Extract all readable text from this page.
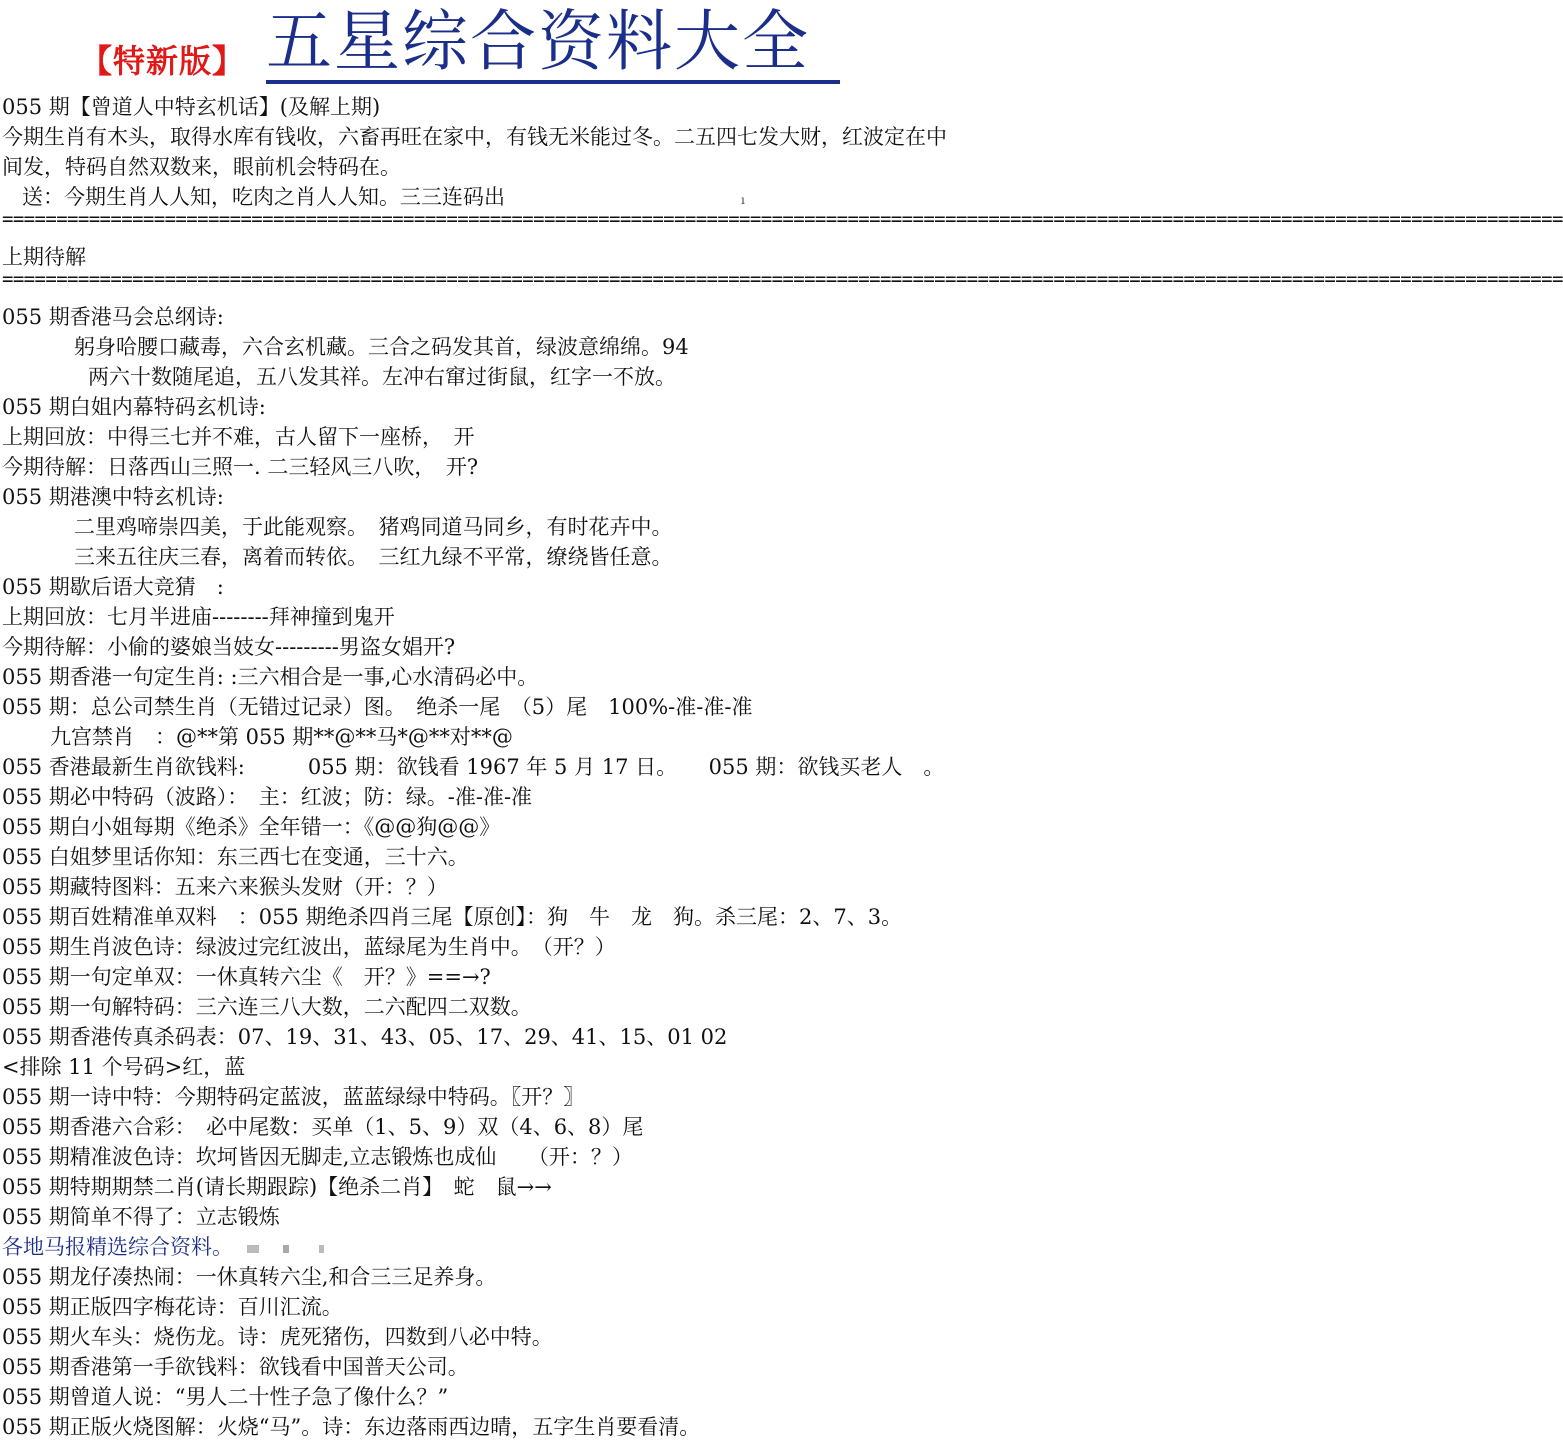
【特新版】 五星综合资料大全
055 期【曾道人中特玄机话】(及解上期)
今期生肖有木头，取得水库有钱收，六畜再旺在家中，有钱无米能过冬。二五四七发大财，红波定在中间发，特码自然双数来，眼前机会特码在。
送：今期生肖人人知，吃肉之肖人人知。三三连码出	ı
================================================================================================================================================
上期待解
================================================================================================================================================
055 期香港马会总纲诗:
躬身哈腰口藏毒，六合玄机藏。三合之码发其首，绿波意绵绵。94
两六十数随尾追，五八发其祥。左冲右窜过街鼠，红字一不放。
055 期白姐内幕特码玄机诗:
上期回放：中得三七并不难，古人留下一座桥，　开
今期待解：日落西山三照一. 二三轻风三八吹，　开?
055 期港澳中特玄机诗:
二里鸡啼崇四美，于此能观察。　猪鸡同道马同乡，有时花卉中。
三来五往庆三春，离着而转依。　三红九绿不平常，缭绕皆任意。
055 期歇后语大竞猜　:
上期回放：七月半进庙--------拜神撞到鬼开
今期待解：小偷的婆娘当妓女---------男盗女娼开?
055 期香港一句定生肖: :三六相合是一事,心水清码必中。
055 期：总公司禁生肖（无错过记录）图。　绝杀一尾　（5）尾　100%-准-准-准
九宫禁肖　：@**第 055 期**@**马*@**对**@
055 香港最新生肖欲钱料:　　　055 期：欲钱看 1967 年 5 月 17 日。　　055 期：欲钱买老人　。
055 期必中特码（波路）：　主：红波；防：绿。-准-准-准
055 期白小姐每期《绝杀》全年错一：《@@狗@@》
055 白姐梦里话你知：东三西七在变通，三十六。
055 期藏特图料：五来六来猴头发财（开：？）
055 期百姓精准单双料　：055 期绝杀四肖三尾【原创】：狗　牛　龙　狗。杀三尾：2、7、3。
055 期生肖波色诗：绿波过完红波出，蓝绿尾为生肖中。　（开？）
055 期一句定单双：一休真转六尘《　开？》==→?
055 期一句解特码：三六连三八大数，二六配四二双数。
055 期香港传真杀码表：07、19、31、43、05、17、29、41、15、01 02
<排除 11 个号码>红，蓝
055 期一诗中特：今期特码定蓝波，蓝蓝绿绿中特码。〖开？〗
055 期香港六合彩：　必中尾数：买单（1、5、9）双（4、6、8）尾
055 期精准波色诗：坎坷皆因无脚走,立志锻炼也成仙　　（开：？）
055 期特期期禁二肖(请长期跟踪)【绝杀二肖】　蛇　鼠→→
055 期简单不得了：立志锻炼
各地马报精选综合资料。
055 期龙仔凑热闹：一休真转六尘,和合三三足养身。
055 期正版四字梅花诗：百川汇流。
055 期火车头：烧伤龙。诗：虎死猪伤，四数到八必中特。
055 期香港第一手欲钱料：欲钱看中国普天公司。
055 期曾道人说：“男人二十性子急了像什么？”
055 期正版火烧图解：火烧“马”。诗：东边落雨西边晴，五字生肖要看清。
